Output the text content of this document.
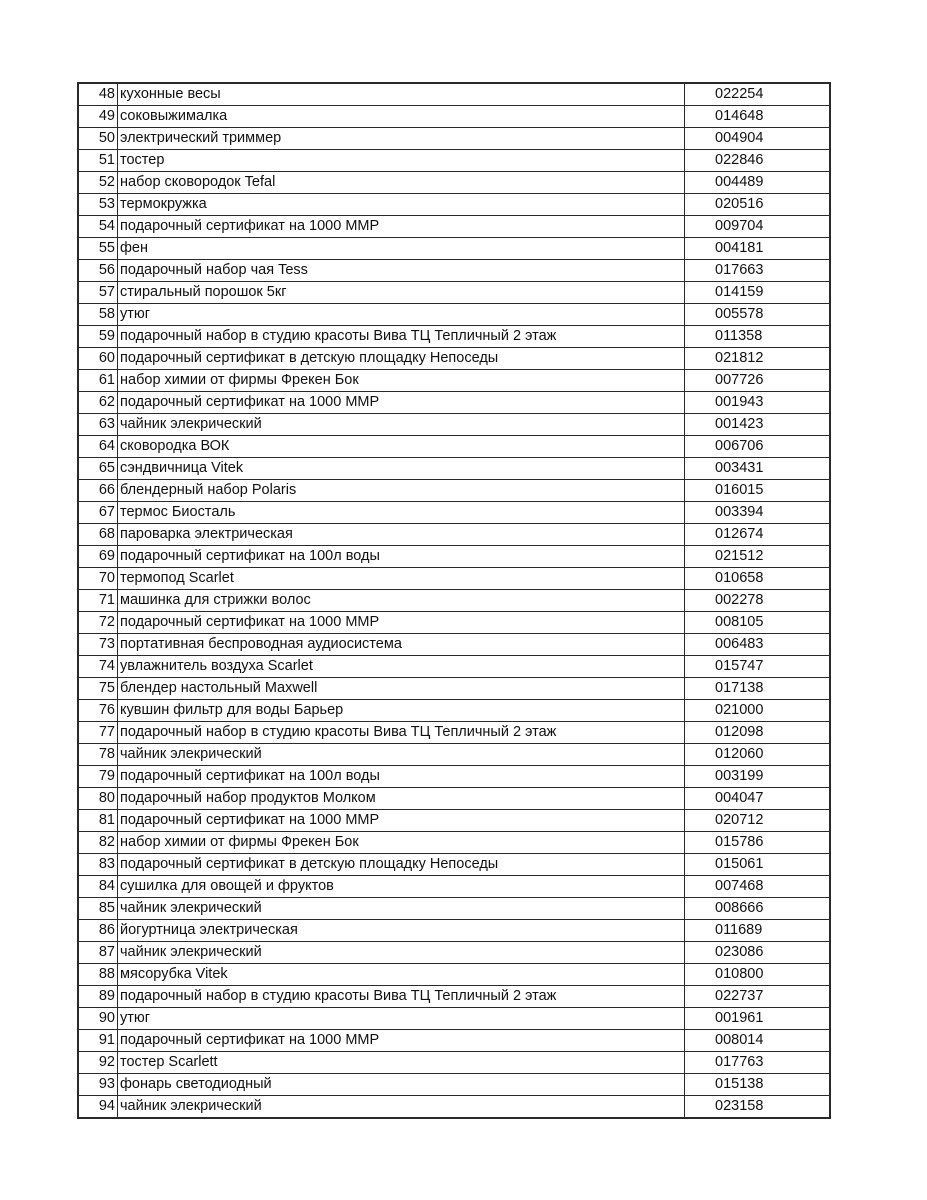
48	кухонные весы	022254
49	соковыжималка	014648
50	электрический триммер	004904
51	тостер	022846
52	набор сковородок Tefal	004489
53	термокружка	020516
54	подарочный сертификат на 1000 ММР	009704
55	фен	004181
56	подарочный набор чая Tess	017663
57	стиральный порошок 5кг	014159
58	утюг	005578
59	подарочный набор в студию красоты Вива ТЦ Тепличный 2 этаж	011358
60	подарочный сертификат в детскую площадку Непоседы	021812
61	набор химии от фирмы Фрекен Бок	007726
62	подарочный сертификат на 1000 ММР	001943
63	чайник элекрический	001423
64	сковородка ВОК	006706
65	сэндвичница Vitek	003431
66	блендерный набор Polaris	016015
67	термос Биосталь	003394
68	пароварка электрическая	012674
69	подарочный сертификат на 100л воды	021512
70	термопод Scarlet	010658
71	машинка для стрижки волос	002278
72	подарочный сертификат на 1000 ММР	008105
73	портативная беспроводная аудиосистема	006483
74	увлажнитель воздуха Scarlet	015747
75	блендер настольный Maxwell	017138
76	кувшин фильтр для воды Барьер	021000
77	подарочный набор в студию красоты Вива ТЦ Тепличный 2 этаж	012098
78	чайник элекрический	012060
79	подарочный сертификат на 100л воды	003199
80	подарочный набор продуктов Молком	004047
81	подарочный сертификат на 1000 ММР	020712
82	набор химии от фирмы Фрекен Бок	015786
83	подарочный сертификат в детскую площадку Непоседы	015061
84	сушилка для овощей и фруктов	007468
85	чайник элекрический	008666
86	йогуртница электрическая	011689
87	чайник элекрический	023086
88	мясорубка Vitek	010800
89	подарочный набор в студию красоты Вива ТЦ Тепличный 2 этаж	022737
90	утюг	001961
91	подарочный сертификат на 1000 ММР	008014
92	тостер Scarlett	017763
93	фонарь светодиодный	015138
94	чайник элекрический	023158
